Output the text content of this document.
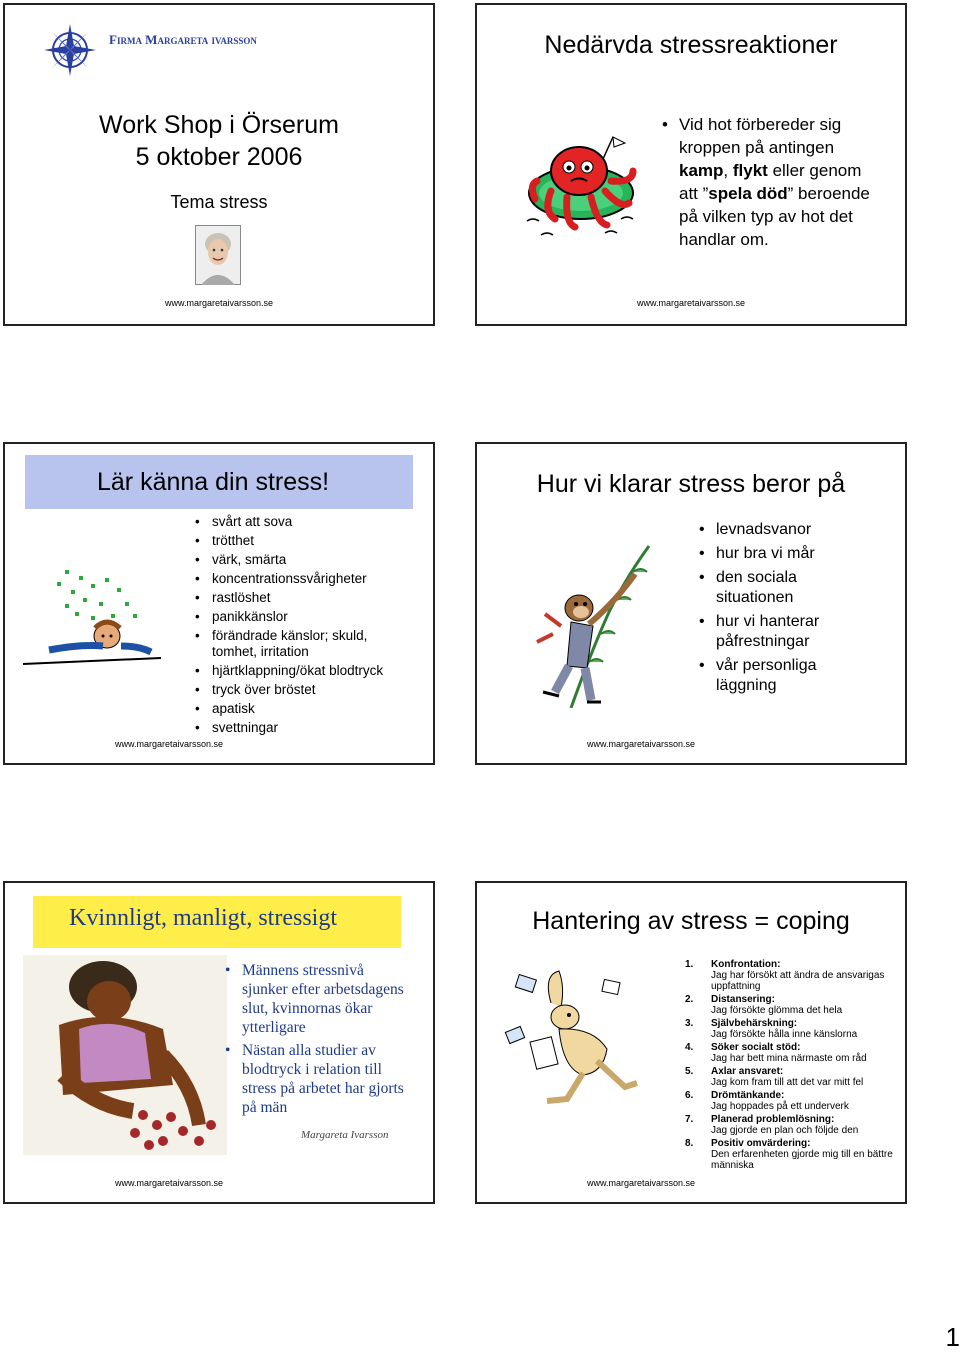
Firma Margareta ivarsson
Work Shop i Örserum
5 oktober 2006
Tema stress
www.margaretaivarsson.se
Nedärvda stressreaktioner
• Vid hot förbereder sig kroppen på antingen kamp, flykt eller genom att ”spela död” beroende på vilken typ av hot det handlar om.
www.margaretaivarsson.se
Lär känna din stress!
• svårt att sova
• trötthet
• värk, smärta
• koncentrationssvårigheter
• rastlöshet
• panikkänslor
• förändrade känslor; skuld, tomhet, irritation
• hjärtklappning/ökat blodtryck
• tryck över bröstet
• apatisk
• svettningar
www.margaretaivarsson.se
Hur vi klarar stress beror på
• levnadsvanor
• hur bra vi mår
• den sociala situationen
• hur vi hanterar påfrestningar
• vår personliga läggning
www.margaretaivarsson.se
Kvinnligt, manligt, stressigt
• Männens stressnivå sjunker efter arbetsdagens slut, kvinnornas ökar ytterligare
• Nästan alla studier av blodtryck i relation till stress på arbetet har gjorts på män
Margareta Ivarsson
www.margaretaivarsson.se
Hantering av stress = coping
1.	Konfrontation:
Jag har försökt att ändra de ansvarigas uppfattning
2.	Distansering:
Jag försökte glömma det hela
3.	Självbehärskning:
Jag försökte hålla inne känslorna
4.	Söker socialt stöd:
Jag har bett mina närmaste om råd
5.	Axlar ansvaret:
Jag kom fram till att det var mitt fel
6.	Drömtänkande:
Jag hoppades på ett underverk
7.	Planerad problemlösning:
Jag gjorde en plan och följde den
8.	Positiv omvärdering:
Den erfarenheten gjorde mig till en bättre människa
www.margaretaivarsson.se
1
